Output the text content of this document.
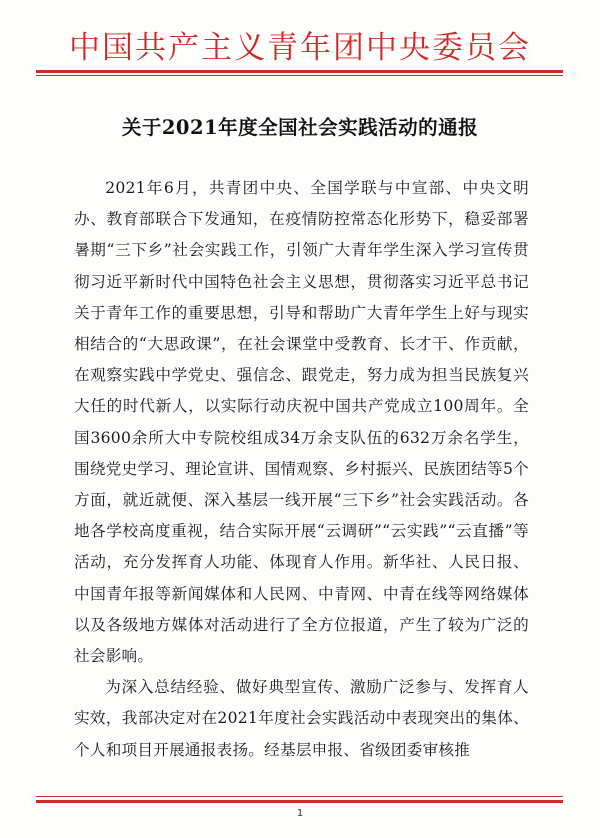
中国共产主义青年团中央委员会
关于2021年度全国社会实践活动的通报

2021年6月，共青团中央、全国学联与中宣部、中央文明办、教育部联合下发通知，在疫情防控常态化形势下，稳妥部署暑期“三下乡”社会实践工作，引领广大青年学生深入学习宣传贯彻习近平新时代中国特色社会主义思想，贯彻落实习近平总书记关于青年工作的重要思想，引导和帮助广大青年学生上好与现实相结合的“大思政课”，在社会课堂中受教育、长才干、作贡献，在观察实践中学党史、强信念、跟党走，努力成为担当民族复兴大任的时代新人，以实际行动庆祝中国共产党成立100周年。全国3600余所大中专院校组成34万余支队伍的632万余名学生，围绕党史学习、理论宣讲、国情观察、乡村振兴、民族团结等5个方面，就近就便、深入基层一线开展“三下乡”社会实践活动。各地各学校高度重视，结合实际开展“云调研”“云实践”“云直播”等活动，充分发挥育人功能、体现育人作用。新华社、人民日报、中国青年报等新闻媒体和人民网、中青网、中青在线等网络媒体以及各级地方媒体对活动进行了全方位报道，产生了较为广泛的社会影响。

为深入总结经验、做好典型宣传、激励广泛参与、发挥育人实效，我部决定对在2021年度社会实践活动中表现突出的集体、个人和项目开展通报表扬。经基层申报、省级团委审核推

1
